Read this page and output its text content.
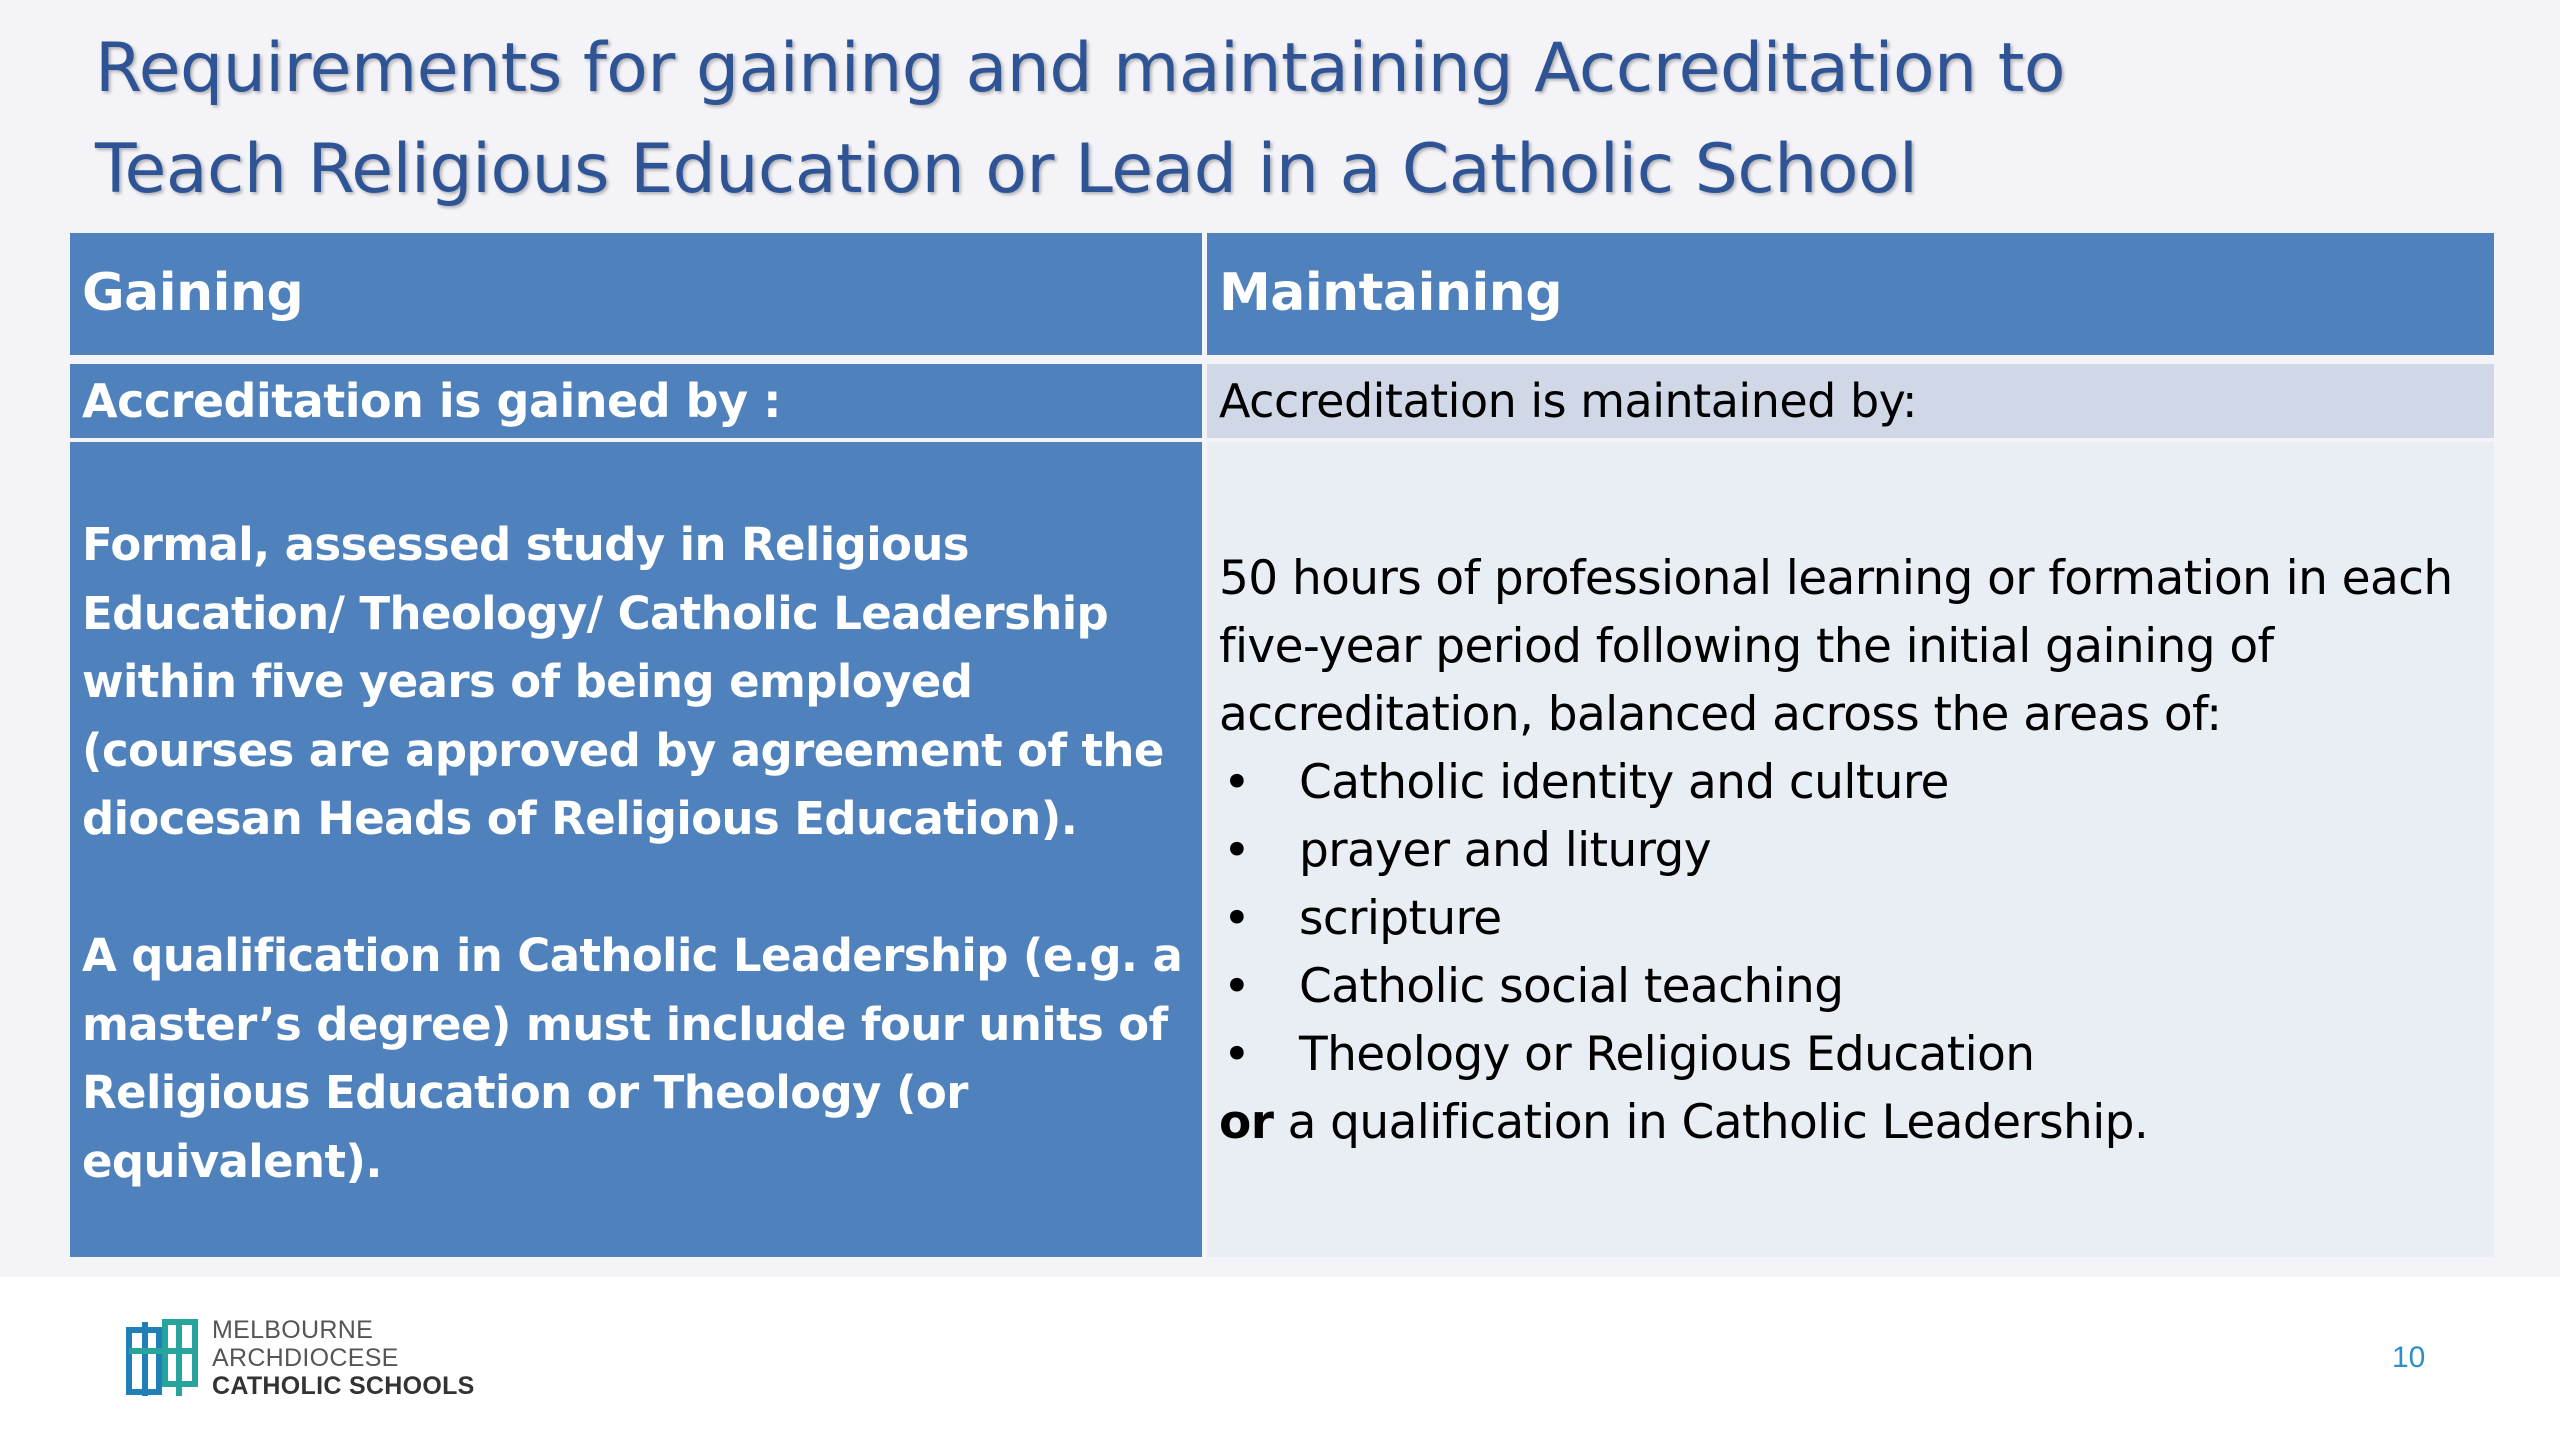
Requirements for gaining and maintaining Accreditation to
Teach Religious Education or Lead in a Catholic School
Gaining	Maintaining
Accreditation is gained by :	Accreditation is maintained by:

Formal, assessed study in Religious Education/ Theology/ Catholic Leadership within five years of being employed (courses are approved by agreement of the diocesan Heads of Religious Education).

A qualification in Catholic Leadership (e.g. a master’s degree) must include four units of Religious Education or Theology (or equivalent).

50 hours of professional learning or formation in each five-year period following the initial gaining of accreditation, balanced across the areas of:

• Catholic identity and culture
• prayer and liturgy
• scripture
• Catholic social teaching
• Theology or Religious Education

or a qualification in Catholic Leadership.

MELBOURNE
ARCHDIOCESE
CATHOLIC SCHOOLS
10
